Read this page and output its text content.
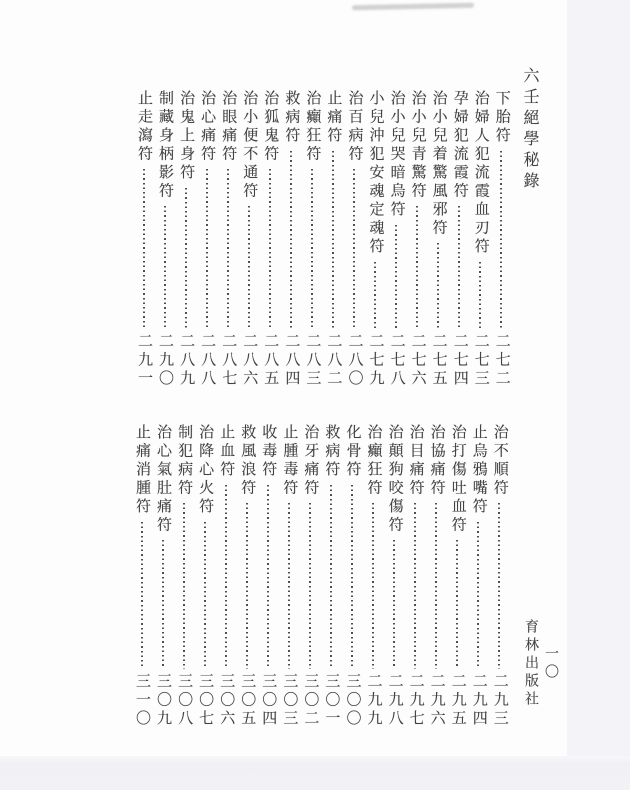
六壬絕學秘錄
下胎符
二七二
治婦人犯流霞血刃符
二七三
孕婦犯流霞符
二七四
治小兒着驚風邪符
二七五
治小兒青驚符
二七六
治小兒哭暗烏符
二七八
小兒沖犯安魂定魂符
二七九
治百病符
二八〇
止痛符
二八二
治癲狂符
二八三
救病符
二八四
治狐鬼符
二八五
治小便不通符
二八六
治眼痛符
二八七
治心痛符
二八八
治鬼上身符
二八九
制藏身柄影符
二九〇
止走瀉符
二九一
治不順符
二九三
止烏鴉嘴符
二九四
治打傷吐血符
二九五
治協痛符
二九六
治目痛符
二九七
治顛狗咬傷符
二九八
治癲狂符
二九九
化骨符
三〇〇
救病符
三〇一
治牙痛符
三〇二
止腫毒符
三〇三
收毒符
三〇四
救風浪符
三〇五
止血符
三〇六
治降心火符
三〇七
制犯病符
三〇八
治心氣肚痛符
三〇九
止痛消腫符
三一〇	育林出版社 一〇
